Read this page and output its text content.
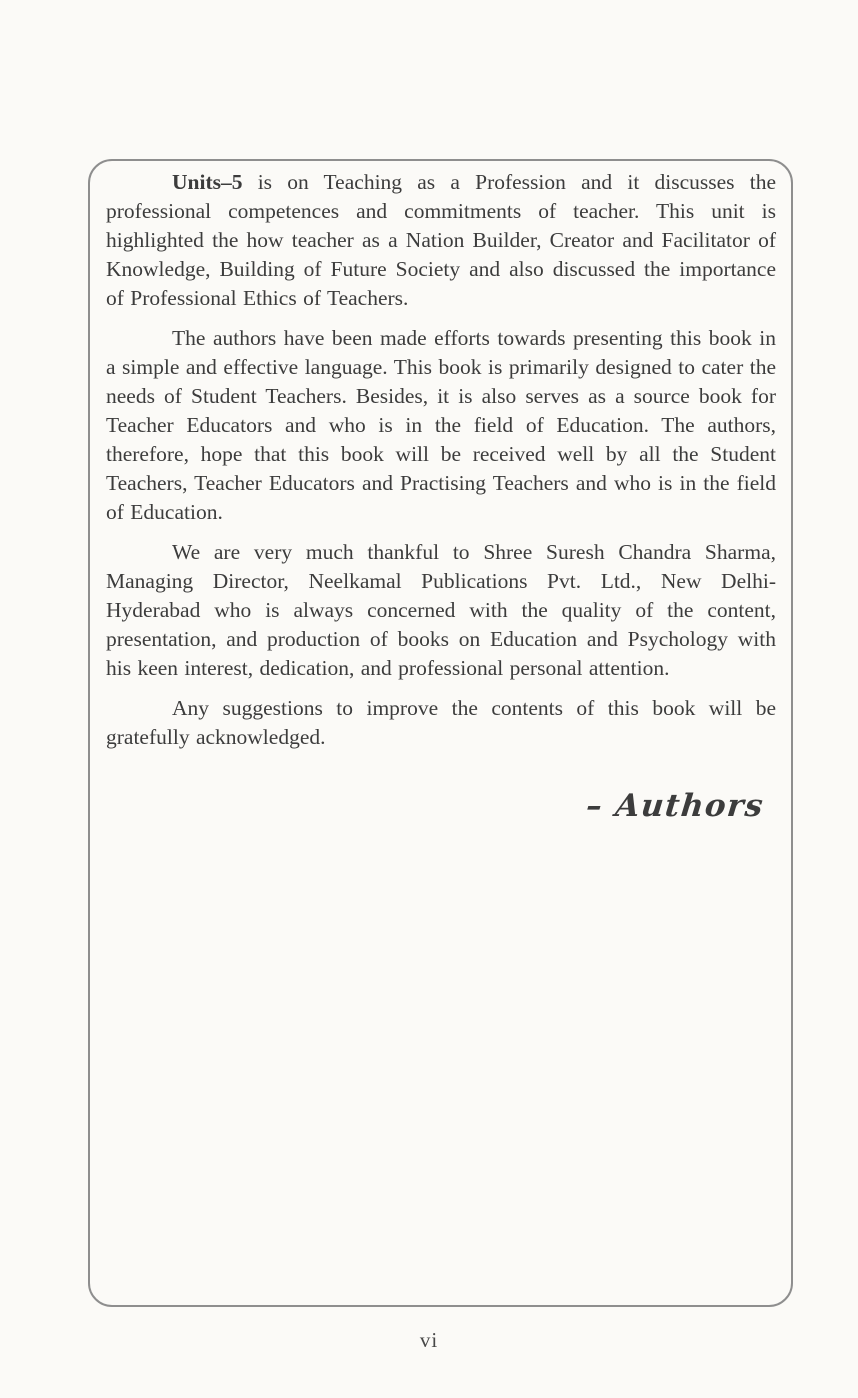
Units–5 is on Teaching as a Profession and it discusses the professional competences and commitments of teacher. This unit is highlighted the how teacher as a Nation Builder, Creator and Facilitator of Knowledge, Building of Future Society and also discussed the importance of Professional Ethics of Teachers.

The authors have been made efforts towards presenting this book in a simple and effective language. This book is primarily designed to cater the needs of Student Teachers. Besides, it is also serves as a source book for Teacher Educators and who is in the field of Education. The authors, therefore, hope that this book will be received well by all the Student Teachers, Teacher Educators and Practising Teachers and who is in the field of Education.

We are very much thankful to Shree Suresh Chandra Sharma, Managing Director, Neelkamal Publications Pvt. Ltd., New Delhi-Hyderabad who is always concerned with the quality of the content, presentation, and production of books on Education and Psychology with his keen interest, dedication, and professional personal attention.

Any suggestions to improve the contents of this book will be gratefully acknowledged.

– Authors
vi
